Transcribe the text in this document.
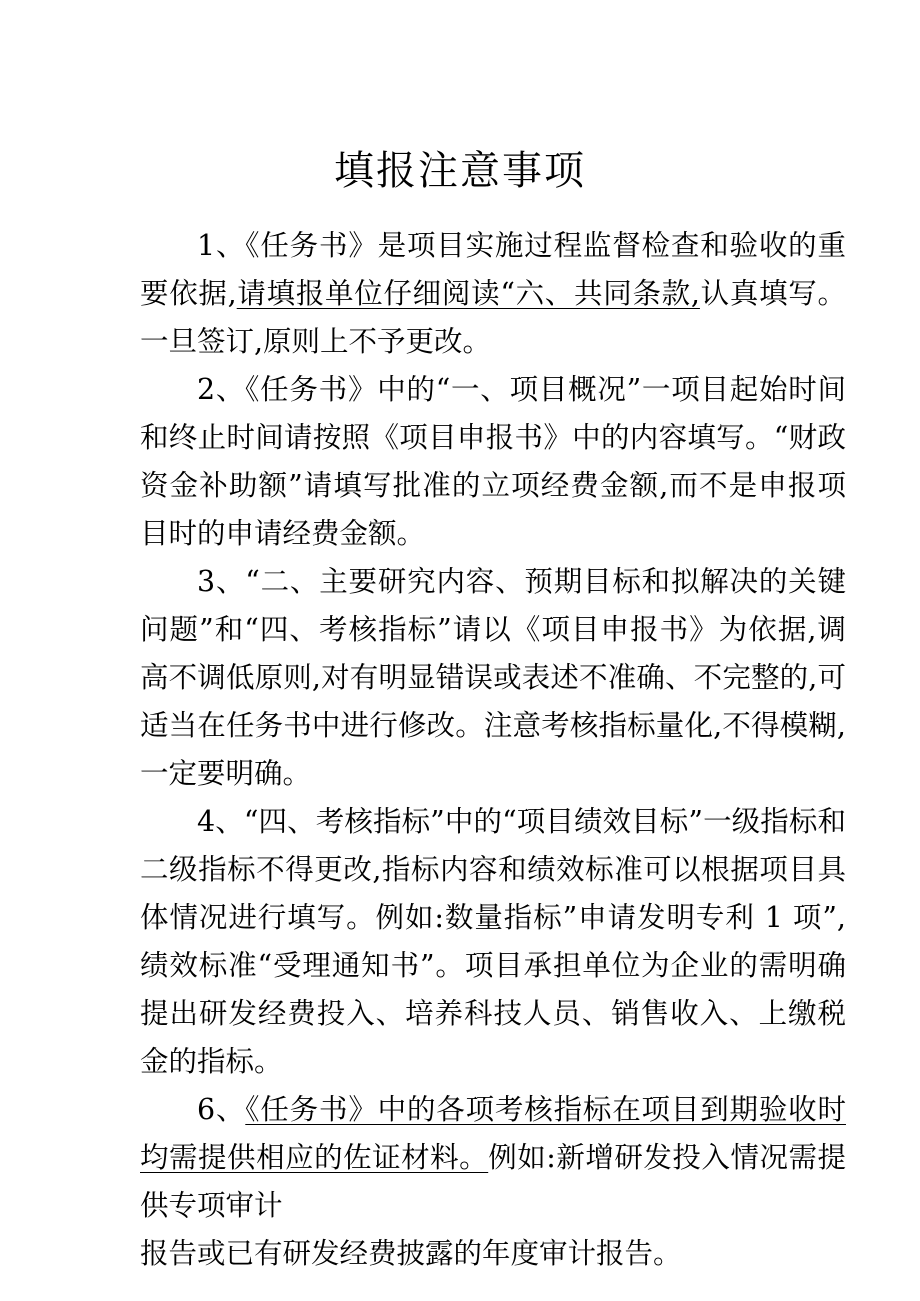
填报注意事项

1、《任务书》是项目实施过程监督检查和验收的重要依据,请填报单位仔细阅读“六、共同条款,认真填写。一旦签订,原则上不予更改。

2、《任务书》中的“一、项目概况”一项目起始时间和终止时间请按照《项目申报书》中的内容填写。“财政资金补助额”请填写批准的立项经费金额,而不是申报项目时的申请经费金额。

3、“二、主要研究内容、预期目标和拟解决的关键问题”和“四、考核指标”请以《项目申报书》为依据,调高不调低原则,对有明显错误或表述不准确、不完整的,可适当在任务书中进行修改。注意考核指标量化,不得模糊,一定要明确。

4、“四、考核指标”中的“项目绩效目标”一级指标和二级指标不得更改,指标内容和绩效标准可以根据项目具体情况进行填写。例如:数量指标”申请发明专利 1 项”,绩效标准“受理通知书”。项目承担单位为企业的需明确提出研发经费投入、培养科技人员、销售收入、上缴税金的指标。

6、《任务书》中的各项考核指标在项目到期验收时均需提供相应的佐证材料。例如:新增研发投入情况需提供专项审计

报告或已有研发经费披露的年度审计报告。
